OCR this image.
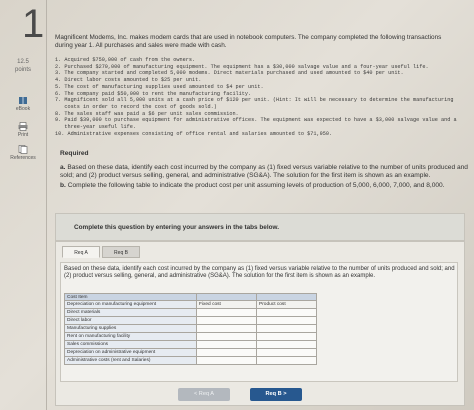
1
12.5
points
eBook
Print
References
Magnificent Modems, Inc. makes modem cards that are used in notebook computers. The company completed the following transactions during year 1. All purchases and sales were made with cash.
1. Acquired $750,000 of cash from the owners.
2. Purchased $270,000 of manufacturing equipment. The equipment has a $30,000 salvage value and a four-year useful life.
3. The company started and completed 5,000 modems. Direct materials purchased and used amounted to $40 per unit.
4. Direct labor costs amounted to $25 per unit.
5. The cost of manufacturing supplies used amounted to $4 per unit.
6. The company paid $50,000 to rent the manufacturing facility.
7. Magnificent sold all 5,000 units at a cash price of $120 per unit. (Hint: It will be necessary to determine the manufacturing
costs in order to record the cost of goods sold.)
8. The sales staff was paid a $6 per unit sales commission.
9. Paid $39,000 to purchase equipment for administrative offices. The equipment was expected to have a $3,000 salvage value and a
three-year useful life.
10. Administrative expenses consisting of office rental and salaries amounted to $71,950.
Required
a. Based on these data, identify each cost incurred by the company as (1) fixed versus variable relative to the number of units produced and sold; and (2) product versus selling, general, and administrative (SG&A). The solution for the first item is shown as an example.
b. Complete the following table to indicate the product cost per unit assuming levels of production of 5,000, 6,000, 7,000, and 8,000.
Complete this question by entering your answers in the tabs below.
Req A	Req B
Based on these data, identify each cost incurred by the company as (1) fixed versus variable relative to the number of units produced and sold; and (2) product versus selling, general, and administrative (SG&A). The solution for the first item is shown as an example.
Cost Item		
Depreciation on manufacturing equipment	Fixed cost	Product cost
Direct materials		
Direct labor		
Manufacturing supplies		
Rent on manufacturing facility		
Sales commissions		
Depreciation on administrative equipment		
Administrative costs (rent and Salaries)		
< Req A	Req B >
